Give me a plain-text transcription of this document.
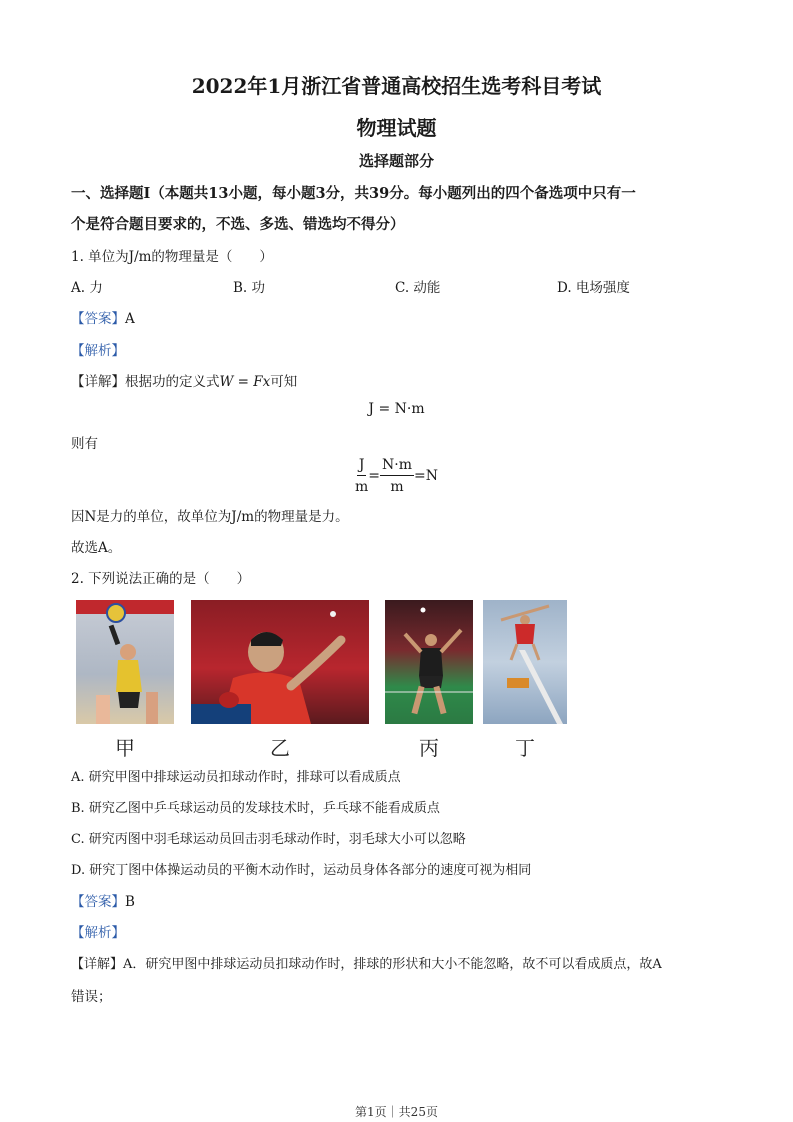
2022年1月浙江省普通高校招生选考科目考试
物理试题
选择题部分
一、选择题Ⅰ（本题共13小题，每小题3分，共39分。每小题列出的四个备选项中只有一
个是符合题目要求的，不选、多选、错选均不得分）
1. 单位为J/m的物理量是（　　）
A. 力	B. 功	C. 动能	D. 电场强度
【答案】A
【解析】
【详解】根据功的定义式W = Fx可知
J = N·m
则有
$\frac{J}{m} = \frac{N\cdot m}{m} =N$
因N是力的单位，故单位为J/m的物理量是力。
故选A。
2. 下列说法正确的是（　　）
甲	乙	丙	丁
A. 研究甲图中排球运动员扣球动作时，排球可以看成质点
B. 研究乙图中乒乓球运动员的发球技术时，乒乓球不能看成质点
C. 研究丙图中羽毛球运动员回击羽毛球动作时，羽毛球大小可以忽略
D. 研究丁图中体操运动员的平衡木动作时，运动员身体各部分的速度可视为相同
【答案】B
【解析】
【详解】A．研究甲图中排球运动员扣球动作时，排球的形状和大小不能忽略，故不可以看成质点，故A
错误；
第1页｜共25页
